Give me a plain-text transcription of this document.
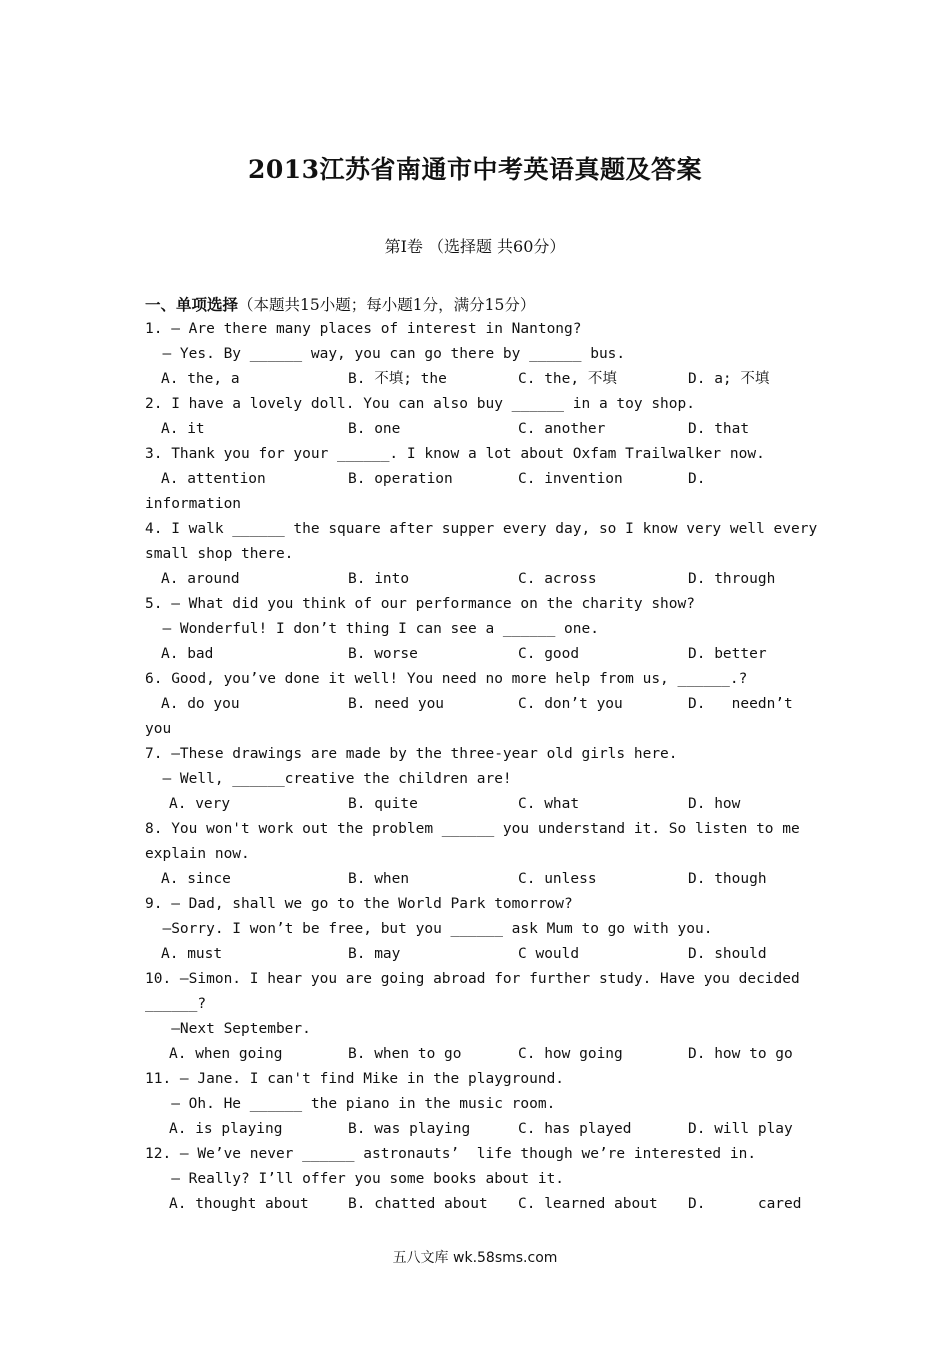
2013江苏省南通市中考英语真题及答案

第Ⅰ卷 （选择题 共60分）

一、单项选择（本题共15小题；每小题1分，满分15分）

1. — Are there many places of interest in Nantong?
— Yes. By ______ way, you can go there by ______ bus.
A. the, a	B. 不填; the	C. the, 不填	D. a; 不填
2. I have a lovely doll. You can also buy ______ in a toy shop.
A. it	B. one	C. another	D. that
3. Thank you for your ______. I know a lot about Oxfam Trailwalker now.
A. attention	B. operation	C. invention	D.
information
4. I walk ______ the square after supper every day, so I know very well every
small shop there.
A. around	B. into	C. across	D. through
5. — What did you think of our performance on the charity show?
— Wonderful! I don’t thing I can see a ______ one.
A. bad	B. worse	C. good	D. better
6. Good, you’ve done it well! You need no more help from us, ______.?
A. do you	B. need you	C. don’t you	D.   needn’t
you
7. —These drawings are made by the three-year old girls here.
— Well, ______creative the children are!
A. very	B. quite	C. what	D. how
8. You won't work out the problem ______ you understand it. So listen to me
explain now.
A. since	B. when	C. unless	D. though
9. — Dad, shall we go to the World Park tomorrow?
—Sorry. I won’t be free, but you ______ ask Mum to go with you.
A. must	B. may	C would	D. should
10. —Simon. I hear you are going abroad for further study. Have you decided
______?
—Next September.
A. when going	B. when to go	C. how going	D. how to go
11. — Jane. I can't find Mike in the playground.
— Oh. He ______ the piano in the music room.
A. is playing	B. was playing	C. has played	D. will play
12. — We’ve never ______ astronauts’  life though we’re interested in.
— Really? I’ll offer you some books about it.
A. thought about	B. chatted about C. learned about D.      cared

五八文库 wk.58sms.com
